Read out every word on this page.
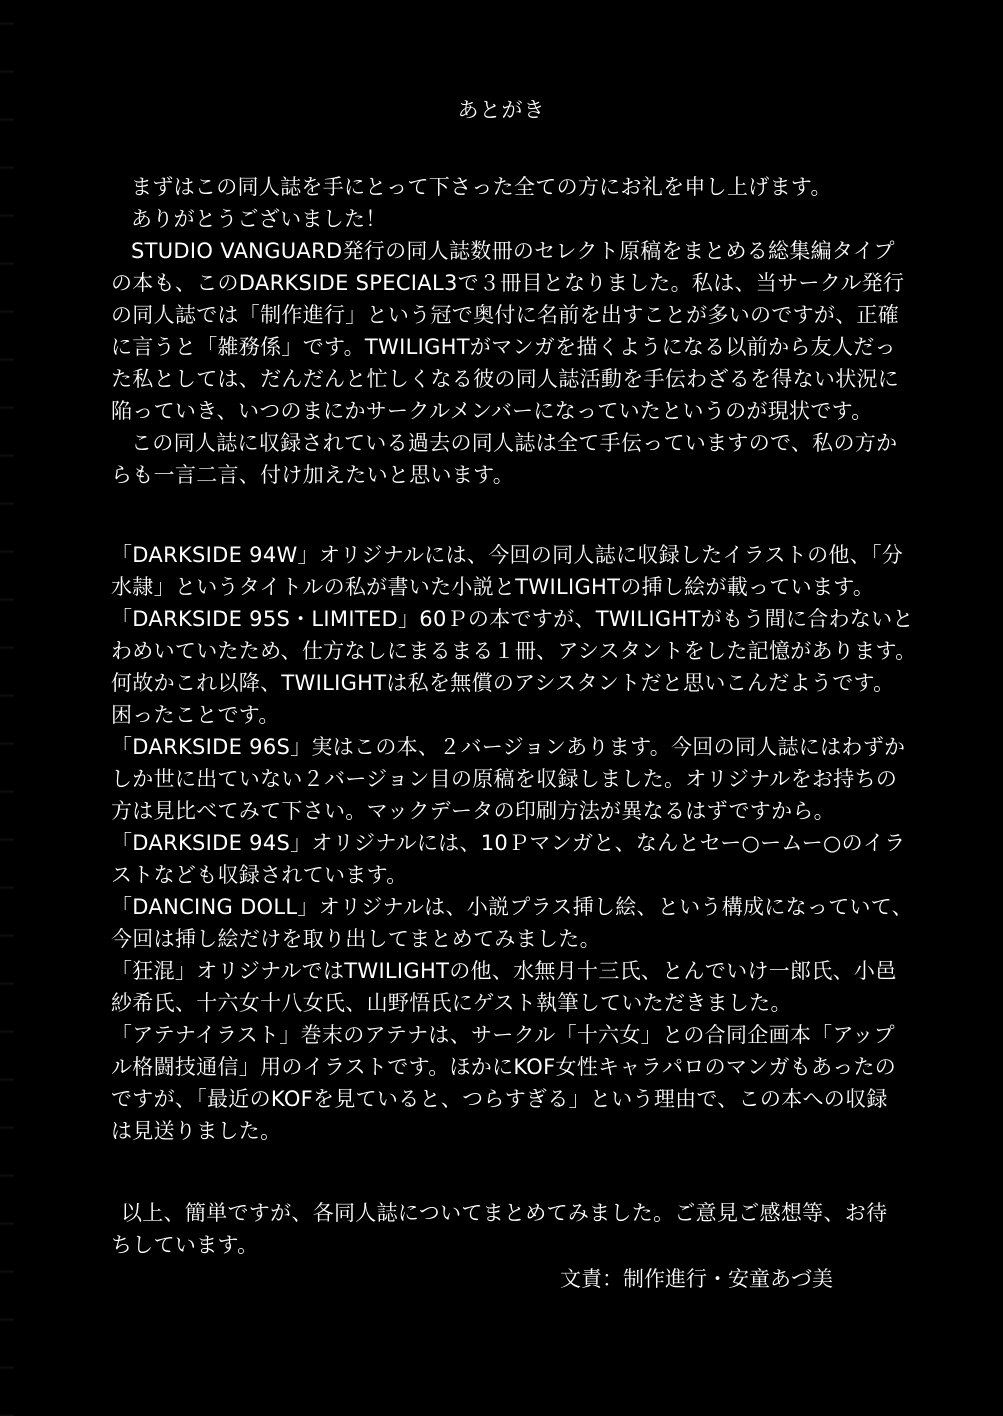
あとがき
まずはこの同人誌を手にとって下さった全ての方にお礼を申し上げます。
ありがとうございました！
STUDIO VANGUARD発行の同人誌数冊のセレクト原稿をまとめる総集編タイプ
の本も、このDARKSIDE SPECIAL3で３冊目となりました。私は、当サークル発行
の同人誌では「制作進行」という冠で奥付に名前を出すことが多いのですが、正確
に言うと「雑務係」です。TWILIGHTがマンガを描くようになる以前から友人だっ
た私としては、だんだんと忙しくなる彼の同人誌活動を手伝わざるを得ない状況に
陥っていき、いつのまにかサークルメンバーになっていたというのが現状です。
この同人誌に収録されている過去の同人誌は全て手伝っていますので、私の方か
らも一言二言、付け加えたいと思います。
「DARKSIDE 94W」オリジナルには、今回の同人誌に収録したイラストの他、「分
水隷」というタイトルの私が書いた小説とTWILIGHTの挿し絵が載っています。
「DARKSIDE 95S・LIMITED」60Ｐの本ですが、TWILIGHTがもう間に合わないと
わめいていたため、仕方なしにまるまる１冊、アシスタントをした記憶があります。
何故かこれ以降、TWILIGHTは私を無償のアシスタントだと思いこんだようです。
困ったことです。
「DARKSIDE 96S」実はこの本、２バージョンあります。今回の同人誌にはわずか
しか世に出ていない２バージョン目の原稿を収録しました。オリジナルをお持ちの
方は見比べてみて下さい。マックデータの印刷方法が異なるはずですから。
「DARKSIDE 94S」オリジナルには、10Ｐマンガと、なんとセー○ームー○のイラ
ストなども収録されています。
「DANCING DOLL」オリジナルは、小説プラス挿し絵、という構成になっていて、
今回は挿し絵だけを取り出してまとめてみました。
「狂混」オリジナルではTWILIGHTの他、水無月十三氏、とんでいけ一郎氏、小邑
紗希氏、十六女十八女氏、山野悟氏にゲスト執筆していただきました。
「アテナイラスト」巻末のアテナは、サークル「十六女」との合同企画本「アップ
ル格闘技通信」用のイラストです。ほかにKOF女性キャラパロのマンガもあったの
ですが、「最近のKOFを見ていると、つらすぎる」という理由で、この本への収録
は見送りました。
以上、簡単ですが、各同人誌についてまとめてみました。ご意見ご感想等、お待
ちしています。
文責：制作進行・安童あづ美
